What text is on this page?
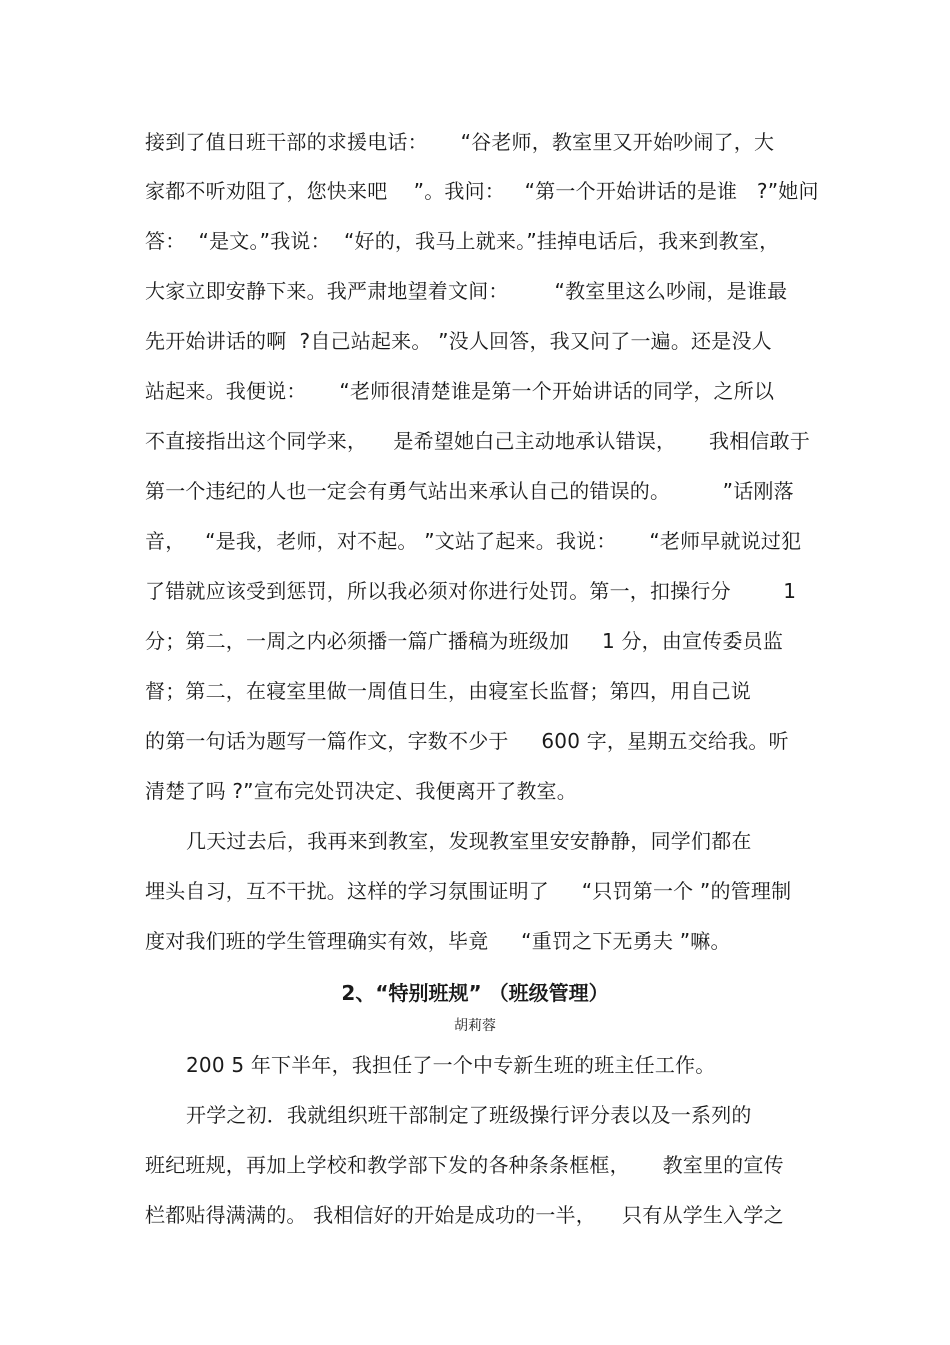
接到了值日班干部的求援电话：     “谷老师，教室里又开始吵闹了，大
家都不听劝阻了，您快来吧    ”。我问：   “第一个开始讲话的是谁   ?”她问
答：  “是文。”我说：  “好的，我马上就来。”挂掉电话后，我来到教室，
大家立即安静下来。我严肃地望着文间：       “教室里这么吵闹，是谁最
先开始讲话的啊  ?自己站起来。 ”没人回答，我又问了一遍。还是没人
站起来。我便说：     “老师很清楚谁是第一个开始讲话的同学，之所以
不直接指出这个同学来，    是希望她白己主动地承认错误，     我相信敢于
第一个违纪的人也一定会有勇气站出来承认自己的错误的。        ”话刚落
音，   “是我，老师，对不起。 ”文站了起来。我说：     “老师早就说过犯
了错就应该受到惩罚，所以我必须对你进行处罚。第一，扣操行分        1
分；第二，一周之内必须播一篇广播稿为班级加     1 分，由宣传委员监
督；第二，在寝室里做一周值日生，由寝室长监督；第四，用自己说
的第一句话为题写一篇作文，字数不少于     600 字，星期五交给我。听
清楚了吗 ?”宣布完处罚决定、我便离开了教室。
几天过去后，我再来到教室，发现教室里安安静静，同学们都在
埋头自习，互不干扰。这样的学习氛围证明了     “只罚第一个 ”的管理制
度对我们班的学生管理确实有效，毕竟     “重罚之下无勇夫 ”嘛。
2、“特别班规” （班级管理）
胡莉蓉
200 5 年下半年，我担任了一个中专新生班的班主任工作。
开学之初．我就组织班干部制定了班级操行评分表以及一系列的
班纪班规，再加上学校和教学部下发的各种条条框框，     教室里的宣传
栏都贴得满满的。 我相信好的开始是成功的一半，    只有从学生入学之
